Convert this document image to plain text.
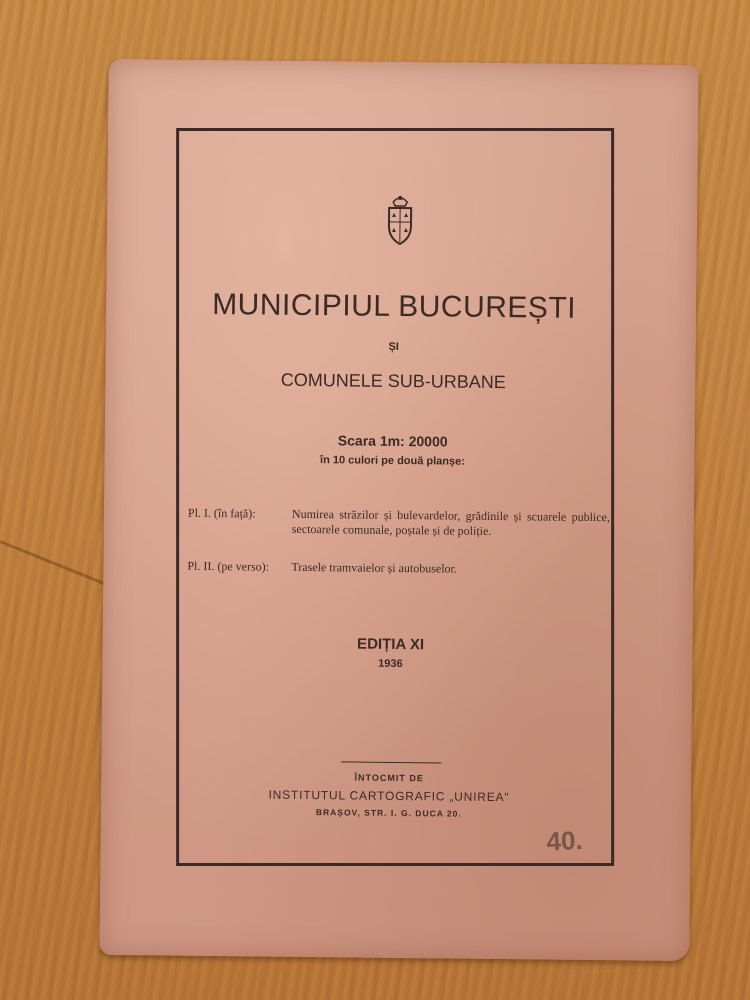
MUNICIPIUL BUCUREȘTI
ȘI
COMUNELE SUB-URBANE
Scara 1m: 20000
în 10 culori pe două planșe:
Pl. I. (în față):	Numirea străzilor și bulevardelor, grădinile și scuarele publice, sectoarele comunale, poștale și de poliție.
Pl. II. (pe verso): Trasele tramvaielor și autobuselor.
EDIȚIA XI
1936
ÎNTOCMIT DE
INSTITUTUL CARTOGRAFIC „UNIREA"
BRAȘOV, STR. I. G. DUCA 20.
40.
